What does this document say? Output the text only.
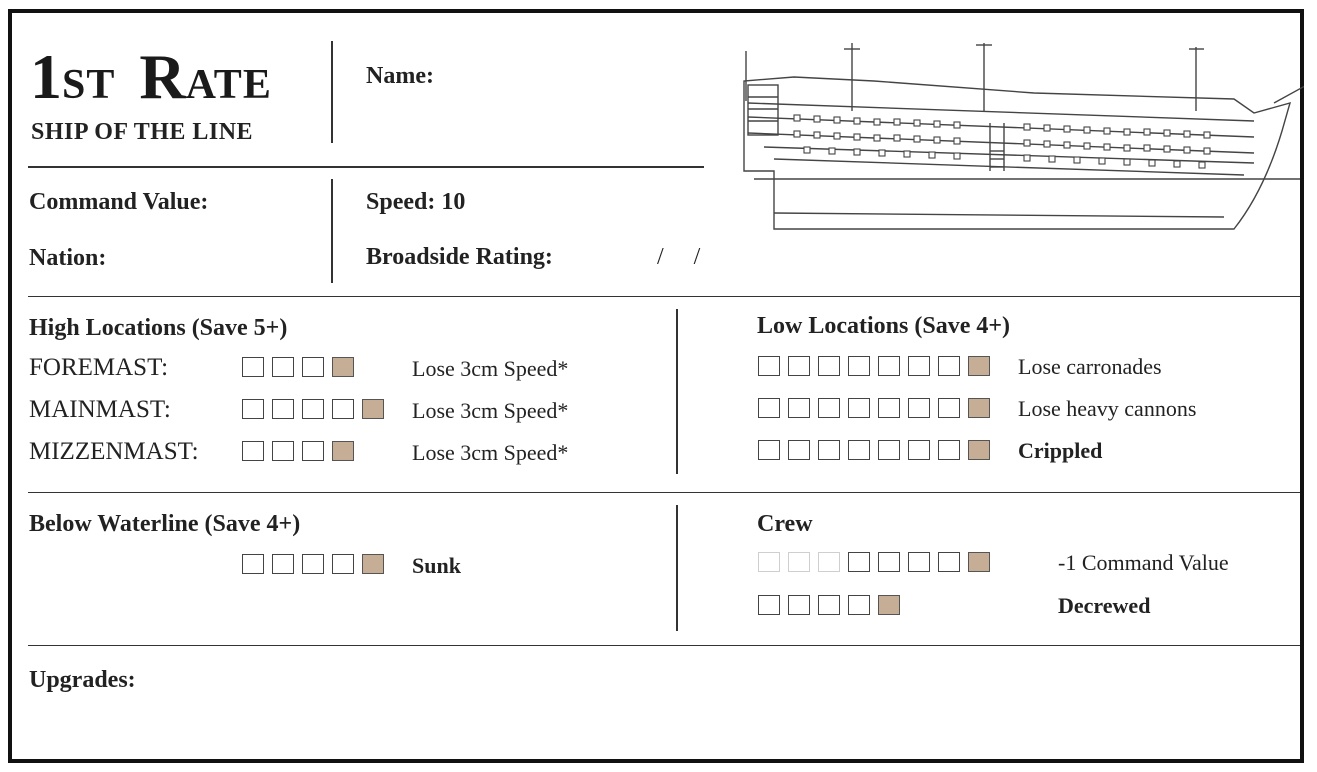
1ST RATE
SHIP OF THE LINE
Name:
Command Value:
Nation:
Speed: 10
Broadside Rating:	/     /
High Locations (Save 5+)	Low Locations (Save 4+)
Below Waterline (Save 4+)	Crew
Upgrades:
FOREMAST:	Lose 3cm Speed*
MAINMAST:	Lose 3cm Speed*
MIZZENMAST:	Lose 3cm Speed*
Lose carronades
Lose heavy cannons
Crippled
Sunk	-1 Command Value
Decrewed
